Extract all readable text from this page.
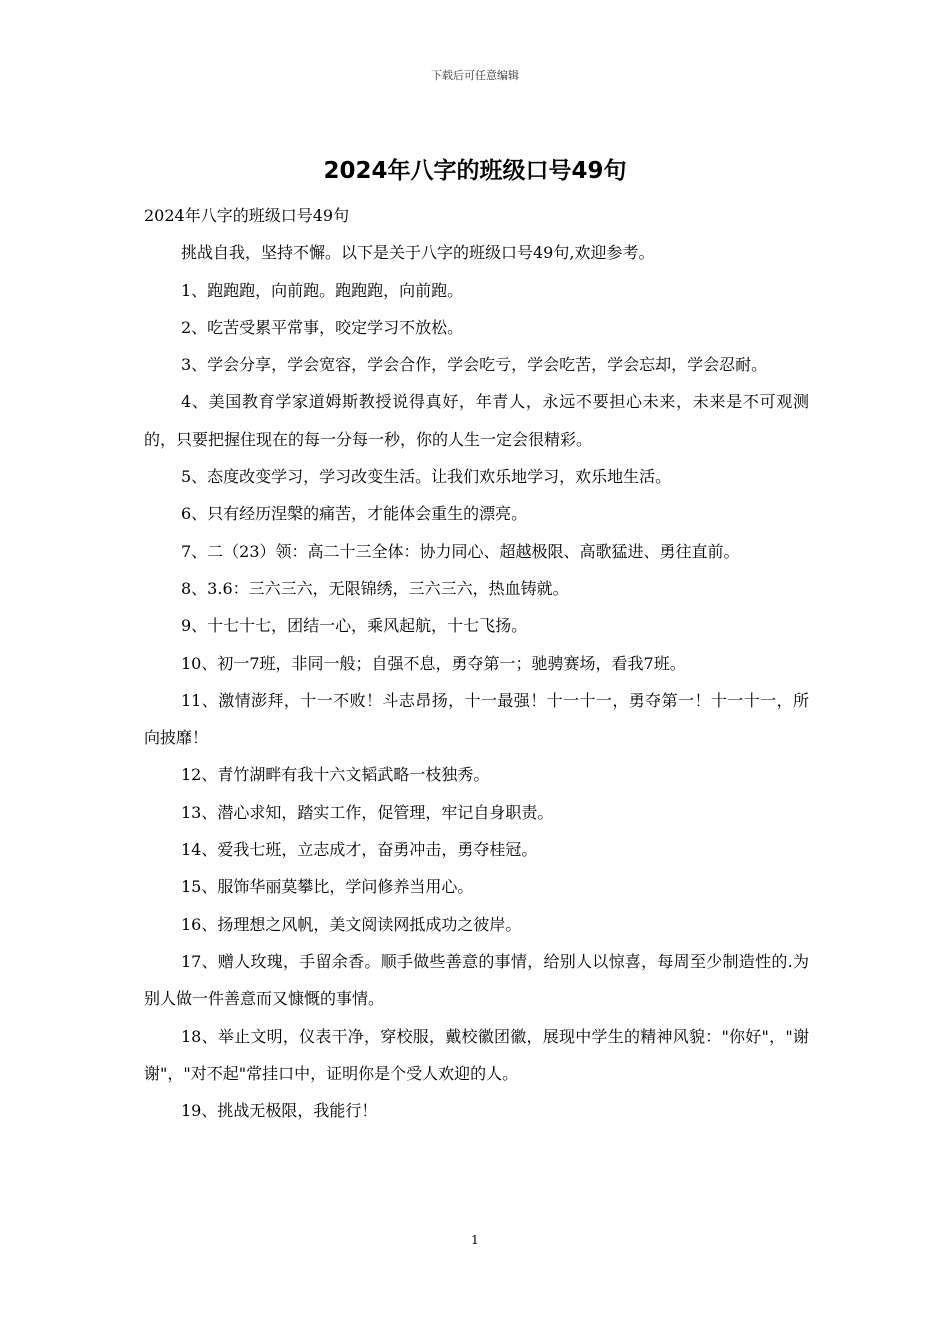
下载后可任意编辑
2024年八字的班级口号49句

2024年八字的班级口号49句

挑战自我，坚持不懈。以下是关于八字的班级口号49句,欢迎参考。

1、跑跑跑，向前跑。跑跑跑，向前跑。

2、吃苦受累平常事，咬定学习不放松。

3、学会分享，学会宽容，学会合作，学会吃亏，学会吃苦，学会忘却，学会忍耐。

4、美国教育学家道姆斯教授说得真好，年青人，永远不要担心未来，未来是不可观测的，只要把握住现在的每一分每一秒，你的人生一定会很精彩。

5、态度改变学习，学习改变生活。让我们欢乐地学习，欢乐地生活。

6、只有经历涅槃的痛苦，才能体会重生的漂亮。

7、二（23）领：高二十三全体：协力同心、超越极限、高歌猛进、勇往直前。

8、3.6：三六三六，无限锦绣，三六三六，热血铸就。

9、十七十七，团结一心，乘风起航，十七飞扬。

10、初一7班，非同一般；自强不息，勇夺第一；驰骋赛场，看我7班。

11、激情澎拜，十一不败！斗志昂扬，十一最强！十一十一，勇夺第一！十一十一，所向披靡！

12、青竹湖畔有我十六文韬武略一枝独秀。

13、潜心求知，踏实工作，促管理，牢记自身职责。

14、爱我七班，立志成才，奋勇冲击，勇夺桂冠。

15、服饰华丽莫攀比，学问修养当用心。

16、扬理想之风帆，美文阅读网抵成功之彼岸。

17、赠人玫瑰，手留余香。顺手做些善意的事情，给别人以惊喜，每周至少制造性的.为别人做一件善意而又慷慨的事情。

18、举止文明，仪表干净，穿校服，戴校徽团徽，展现中学生的精神风貌："你好"，"谢谢"，"对不起"常挂口中，证明你是个受人欢迎的人。

19、挑战无极限，我能行！

1
